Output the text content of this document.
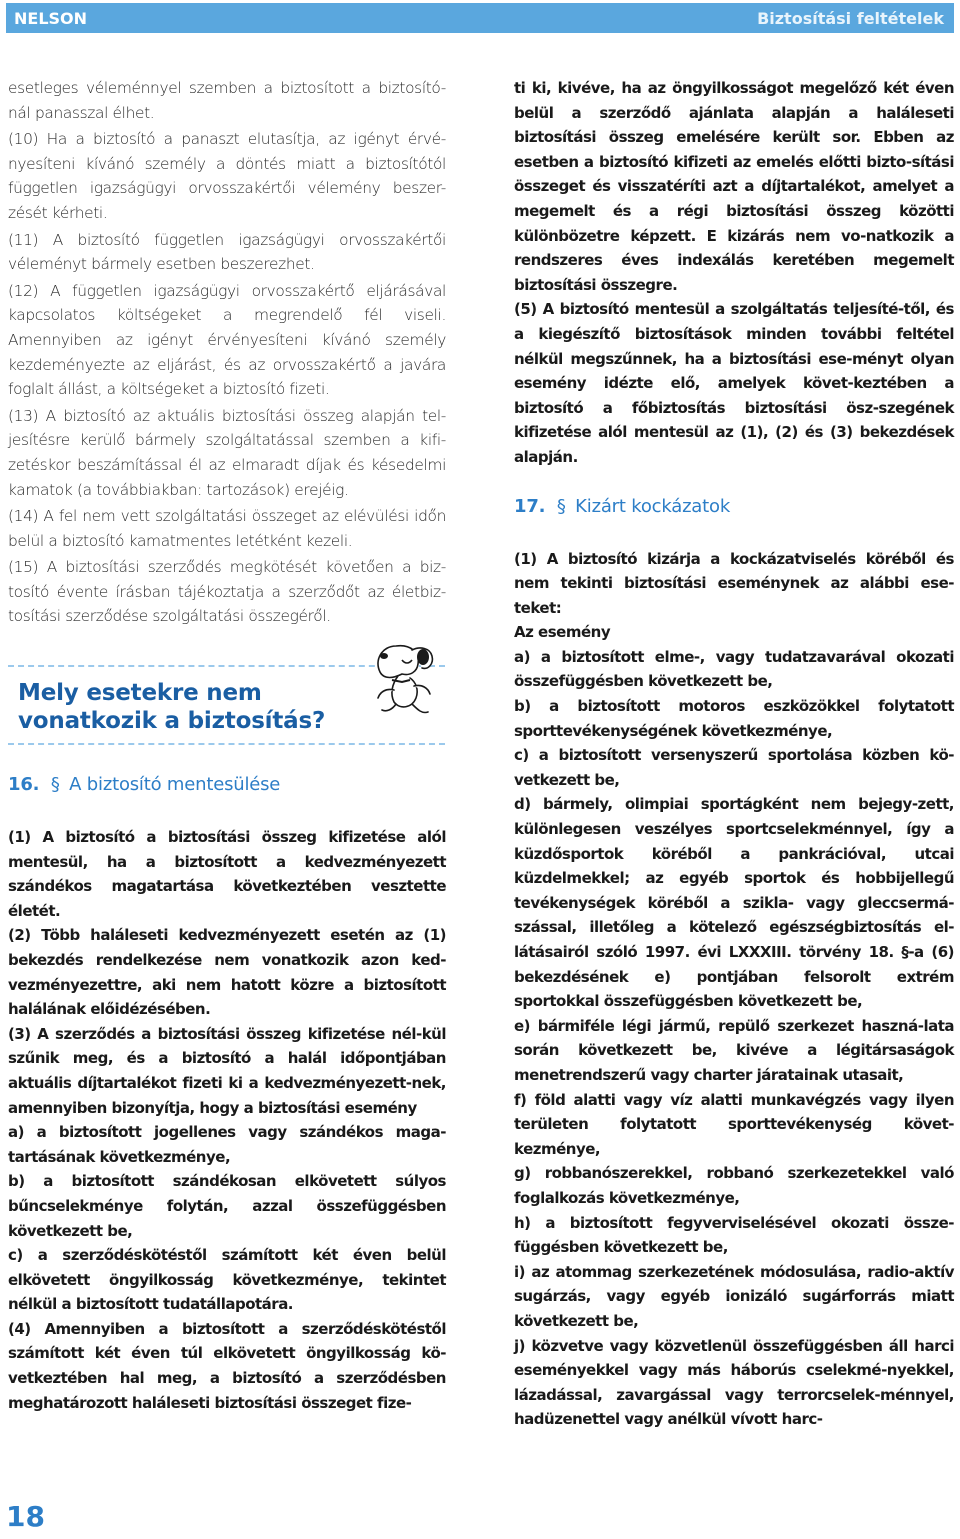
NELSON	Biztosítási feltételek

esetleges véleménnyel szemben a biztosított a biztosító-nál panasszal élhet.

(10) Ha a biztosító a panaszt elutasítja, az igényt érvé-nyesíteni kívánó személy a döntés miatt a biztosítótól független igazságügyi orvosszakértői vélemény beszer-zését kérheti.

(11) A biztosító független igazságügyi orvosszakértői véleményt bármely esetben beszerezhet.

(12) A független igazságügyi orvosszakértő eljárásával kapcsolatos költségeket a megrendelő fél viseli. Amennyiben az igényt érvényesíteni kívánó személy kezdeményezte az eljárást, és az orvosszakértő a javára foglalt állást, a költségeket a biztosító fizeti.

(13) A biztosító az aktuális biztosítási összeg alapján tel-jesítésre kerülő bármely szolgáltatással szemben a kifi-zetéskor beszámítással él az elmaradt díjak és késedelmi kamatok (a továbbiakban: tartozások) erejéig.

(14) A fel nem vett szolgáltatási összeget az elévülési időn belül a biztosító kamatmentes letétként kezeli.

(15) A biztosítási szerződés megkötését követően a biz-tosító évente írásban tájékoztatja a szerződőt az életbiz-tosítási szerződése szolgáltatási összegéről.

Mely esetekre nem
vonatkozik a biztosítás?
16. § A biztosító mentesülése

(1) A biztosító a biztosítási összeg kifizetése alól mentesül, ha a biztosított a kedvezményezett szándékos magatartása következtében vesztette életét.

(2) Több haláleseti kedvezményezett esetén az (1) bekezdés rendelkezése nem vonatkozik azon ked-vezményezettre, aki nem hatott közre a biztosított halálának előidézésében.

(3) A szerződés a biztosítási összeg kifizetése nél-kül szűnik meg, és a biztosító a halál időpontjában aktuális díjtartalékot fizeti ki a kedvezményezett-nek, amennyiben bizonyítja, hogy a biztosítási esemény

a) a biztosított jogellenes vagy szándékos maga-tartásának következménye,

b) a biztosított szándékosan elkövetett súlyos bűncselekménye folytán, azzal összefüggésben következett be,

c) a szerződéskötéstől számított két éven belül elkövetett öngyilkosság következménye, tekintet nélkül a biztosított tudatállapotára.

(4) Amennyiben a biztosított a szerződéskötéstől számított két éven túl elkövetett öngyilkosság kö-vetkeztében hal meg, a biztosító a szerződésben meghatározott haláleseti biztosítási összeget fize-

ti ki, kivéve, ha az öngyilkosságot megelőző két éven belül a szerződő ajánlata alapján a haláleseti biztosítási összeg emelésére került sor. Ebben az esetben a biztosító kifizeti az emelés előtti bizto-sítási összeget és visszatéríti azt a díjtartalékot, amelyet a megemelt és a régi biztosítási összeg közötti különbözetre képzett. E kizárás nem vo-natkozik a rendszeres éves indexálás keretében megemelt biztosítási összegre.

(5) A biztosító mentesül a szolgáltatás teljesíté-től, és a kiegészítő biztosítások minden további feltétel nélkül megszűnnek, ha a biztosítási ese-ményt olyan esemény idézte elő, amelyek követ-keztében a biztosító a főbiztosítás biztosítási ösz-szegének kifizetése alól mentesül az (1), (2) és (3) bekezdések alapján.

17. § Kizárt kockázatok

(1) A biztosító kizárja a kockázatviselés köréből és nem tekinti biztosítási eseménynek az alábbi ese-teket:

Az esemény

a) a biztosított elme-, vagy tudatzavarával okozati összefüggésben következett be,

b) a biztosított motoros eszközökkel folytatott sporttevékenységének következménye,

c) a biztosított versenyszerű sportolása közben kö-vetkezett be,

d) bármely, olimpiai sportágként nem bejegy-zett, különlegesen veszélyes sportcselekménnyel, így a küzdősportok köréből a pankrációval, utcai küzdelmekkel; az egyéb sportok és hobbijellegű tevékenységek köréből a szikla- vagy gleccsermá-szással, illetőleg a kötelező egészségbiztosítás el-látásairól szóló 1997. évi LXXXIII. törvény 18. §-a (6) bekezdésének e) pontjában felsorolt extrém sportokkal összefüggésben következett be,

e) bármiféle légi jármű, repülő szerkezet haszná-lata során következett be, kivéve a légitársaságok menetrendszerű vagy charter járatainak utasait,

f) föld alatti vagy víz alatti munkavégzés vagy ilyen területen folytatott sporttevékenység követ-kezménye,

g) robbanószerekkel, robbanó szerkezetekkel való foglalkozás következménye,

h) a biztosított fegyverviselésével okozati össze-függésben következett be,

i) az atommag szerkezetének módosulása, radio-aktív sugárzás, vagy egyéb ionizáló sugárforrás miatt következett be,

j) közvetve vagy közvetlenül összefüggésben áll harci eseményekkel vagy más háborús cselekmé-nyekkel, lázadással, zavargással vagy terrorcselek-ménnyel, hadüzenettel vagy anélkül vívott harc-

18
